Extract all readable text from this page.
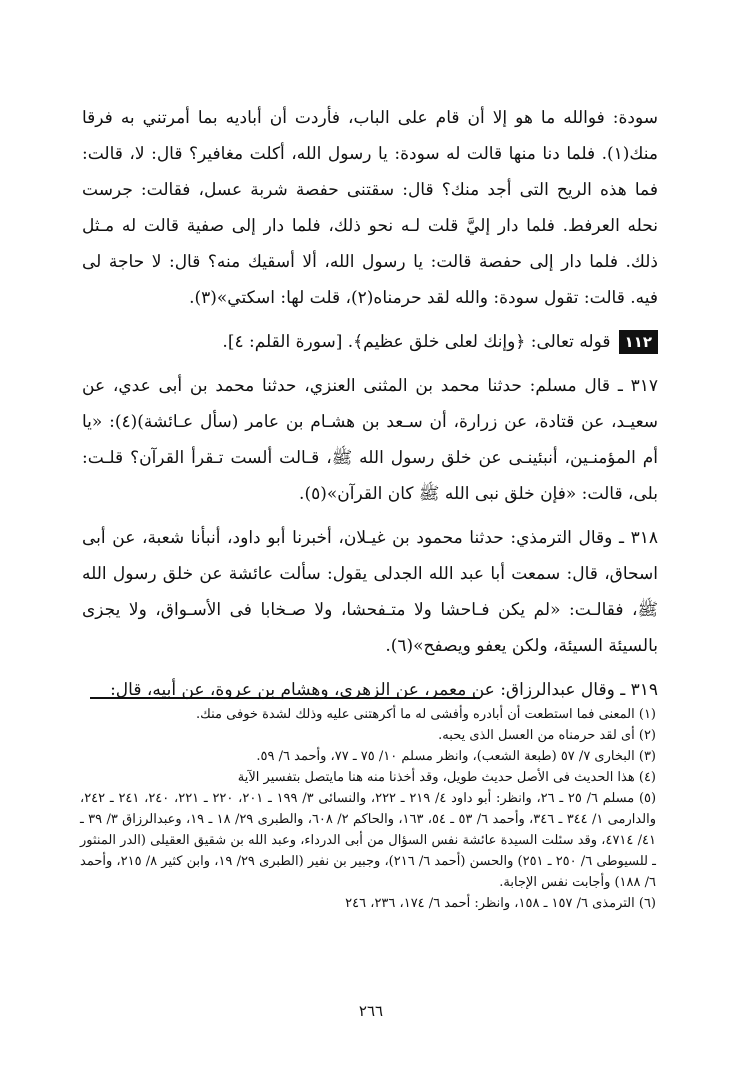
سودة: فوالله ما هو إلا أن قام على الباب، فأردت أن أباديه بما أمرتني به فرقا منك(١). فلما دنا منها قالت له سودة: يا رسول الله، أكلت مغافير؟ قال: لا، قالت: فما هذه الريح التى أجد منك؟ قال: سقتنى حفصة شربة عسل، فقالت: جرست نحله العرفط. فلما دار إليَّ قلت لـه نحو ذلك، فلما دار إلى صفية قالت له مـثل ذلك. فلما دار إلى حفصة قالت: يا رسول الله، ألا أسقيك منه؟ قال: لا حاجة لى فيه. قالت: تقول سودة: والله لقد حرمناه(٢)، قلت لها: اسكتي»(٣).

١١٢
قوله تعالى: ﴿وإنك لعلى خلق عظيم﴾. [سورة القلم: ٤].

٣١٧ ـ قال مسلم: حدثنا محمد بن المثنى العنزي، حدثنا محمد بن أبى عدي، عن سعيـد، عن قتادة، عن زرارة، أن سـعد بن هشـام بن عامر (سأل عـائشة)(٤): «يا أم المؤمنـين، أنبئينـى عن خلق رسول الله ﷺ، قـالت ألست تـقرأ القرآن؟ قلـت: بلى، قالت: «فإن خلق نبى الله ﷺ كان القرآن»(٥).

٣١٨ ـ وقال الترمذي: حدثنا محمود بن غيـلان، أخبرنا أبو داود، أنبأنا شعبة، عن أبى اسحاق، قال: سمعت أبا عبد الله الجدلى يقول: سألت عائشة عن خلق رسول الله ﷺ، فقالـت: «لم يكن فـاحشا ولا متـفحشا، ولا صـخابا فى الأسـواق، ولا يجزى بالسيئة السيئة، ولكن يعفو ويصفح»(٦).

٣١٩ ـ وقال عبدالرزاق: عن معمر، عن الزهري، وهشام بن عروة، عن أبيه، قال:

(١) المعنى فما استطعت أن أبادره وأفشى له ما أكرهتنى عليه وذلك لشدة خوفى منك.

(٢) أى لقد حرمناه من العسل الذى يحبه.

(٣) البخارى ٧/ ٥٧ (طبعة الشعب)، وانظر مسلم ١٠/ ٧٥ ـ ٧٧، وأحمد ٦/ ٥٩.

(٤) هذا الحديث فى الأصل حديث طويل، وقد أخذنا منه هنا مايتصل بتفسير الآية

(٥) مسلم ٦/ ٢٥ ـ ٢٦، وانظر: أبو داود ٤/ ٢١٩ ـ ٢٢٢، والنسائى ٣/ ١٩٩ ـ ٢٠١، ٢٢٠ ـ ٢٢١، ٢٤٠، ٢٤١ ـ ٢٤٢، والدارمى ١/ ٣٤٤ ـ ٣٤٦، وأحمد ٦/ ٥٣ ـ ٥٤، ١٦٣، والحاكم ٢/ ٦٠٨، والطبرى ٢٩/ ١٨ ـ ١٩، وعبدالرزاق ٣/ ٣٩ ـ ٤١/ ٤٧١٤، وقد سئلت السيدة عائشة نفس السؤال من أبى الدرداء، وعبد الله بن شقيق العقيلى (الدر المنثور ـ للسيوطى ٦/ ٢٥٠ ـ ٢٥١) والحسن (أحمد ٦/ ٢١٦)، وجبير بن نفير (الطبرى ٢٩/ ١٩، وابن كثير ٨/ ٢١٥، وأحمد ٦/ ١٨٨) وأجابت نفس الإجابة.

(٦) الترمذى ٦/ ١٥٧ ـ ١٥٨، وانظر: أحمد ٦/ ١٧٤، ٢٣٦، ٢٤٦

٢٦٦
